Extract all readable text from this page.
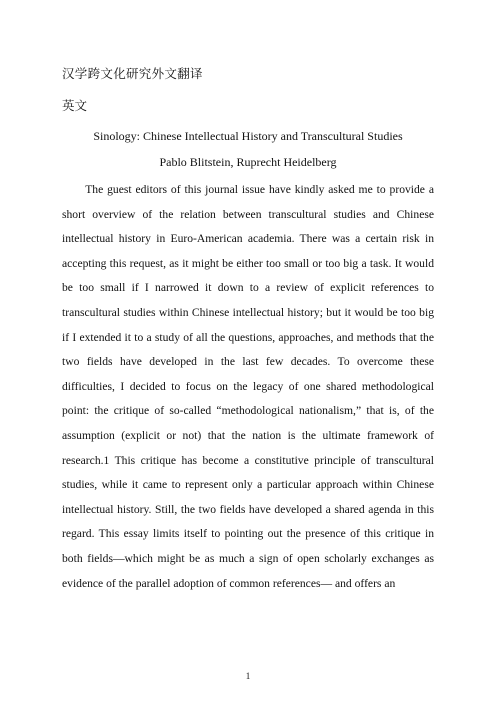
汉学跨文化研究外文翻译

英文

Sinology: Chinese Intellectual History and Transcultural Studies

Pablo Blitstein, Ruprecht Heidelberg

The guest editors of this journal issue have kindly asked me to provide a short overview of the relation between transcultural studies and Chinese intellectual history in Euro-American academia. There was a certain risk in accepting this request, as it might be either too small or too big a task. It would be too small if I narrowed it down to a review of explicit references to transcultural studies within Chinese intellectual history; but it would be too big if I extended it to a study of all the questions, approaches, and methods that the two fields have developed in the last few decades. To overcome these difficulties, I decided to focus on the legacy of one shared methodological point: the critique of so-called “methodological nationalism,” that is, of the assumption (explicit or not) that the nation is the ultimate framework of research.1 This critique has become a constitutive principle of transcultural studies, while it came to represent only a particular approach within Chinese intellectual history. Still, the two fields have developed a shared agenda in this regard. This essay limits itself to pointing out the presence of this critique in both fields—which might be as much a sign of open scholarly exchanges as evidence of the parallel adoption of common references— and offers an

1
